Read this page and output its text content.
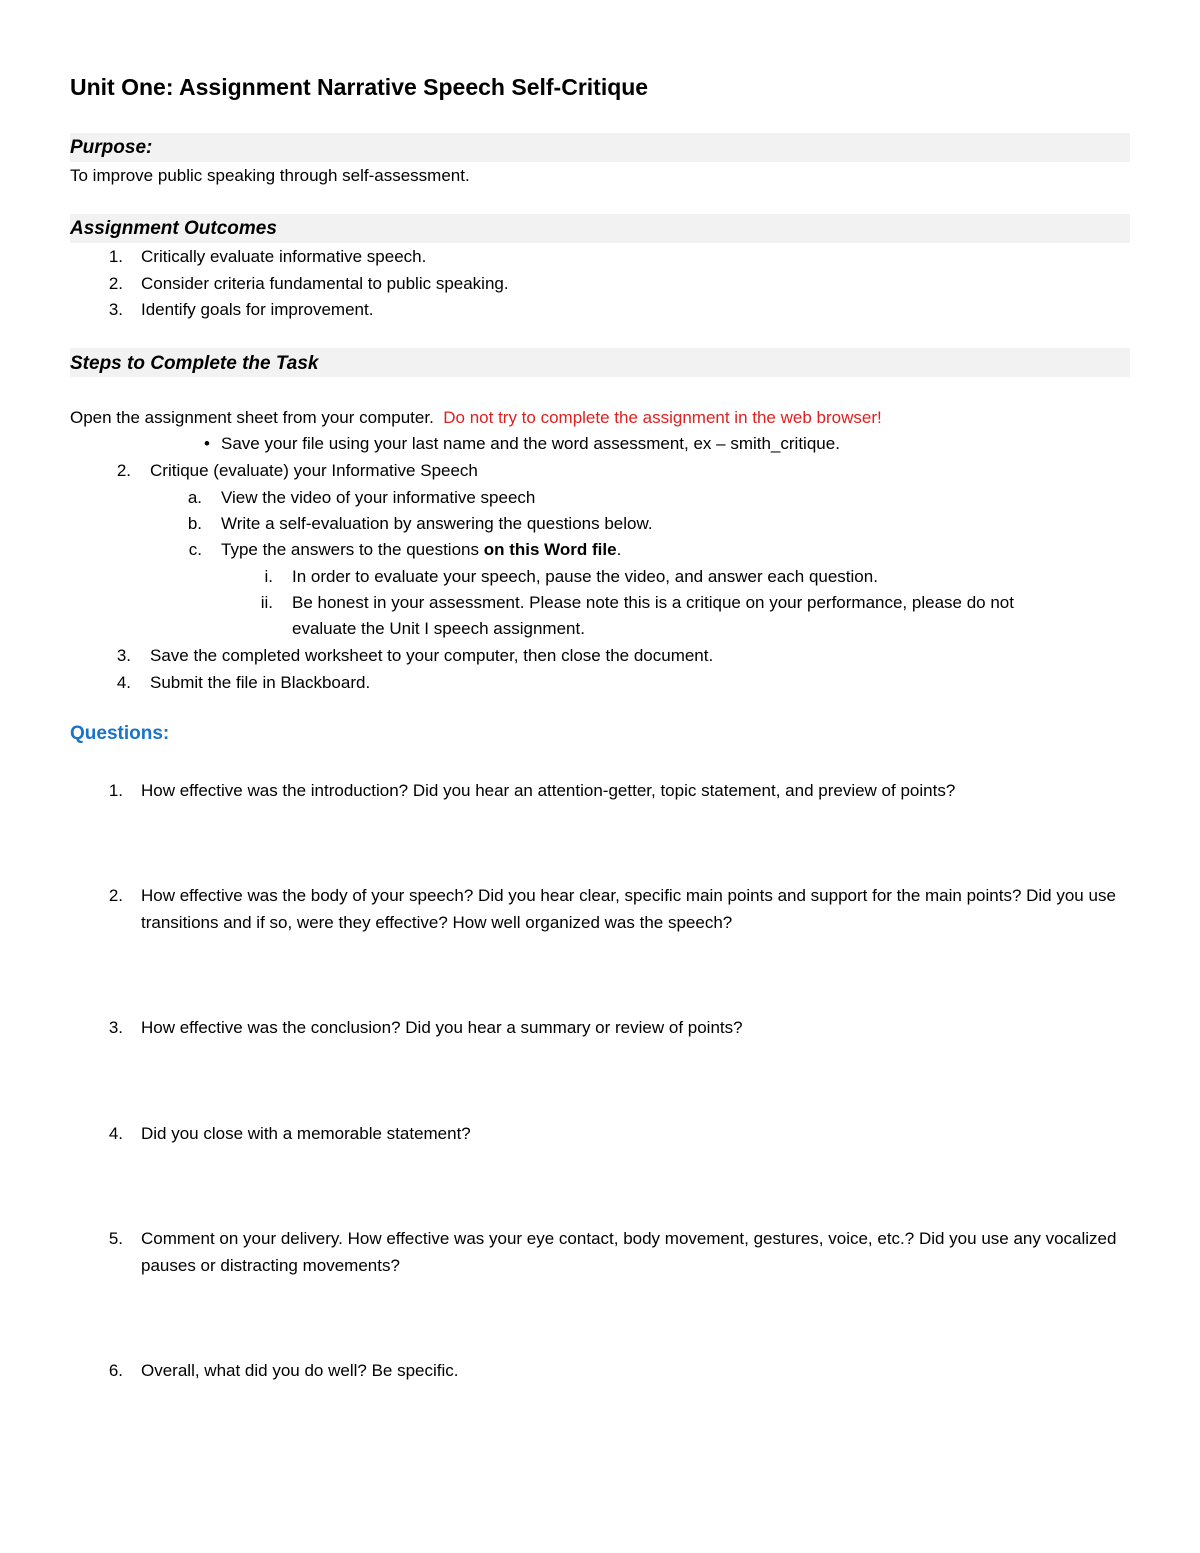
Unit One: Assignment Narrative Speech Self-Critique
Purpose:

To improve public speaking through self-assessment.

Assignment Outcomes
1. Critically evaluate informative speech.
2. Consider criteria fundamental to public speaking.
3. Identify goals for improvement.
Steps to Complete the Task

Open the assignment sheet from your computer. Do not try to complete the assignment in the web browser!

• Save your file using your last name and the word assessment, ex – smith_critique.
2. Critique (evaluate) your Informative Speech
a. View the video of your informative speech
b. Write a self-evaluation by answering the questions below.
c. Type the answers to the questions on this Word file.
i. In order to evaluate your speech, pause the video, and answer each question.
ii. Be honest in your assessment. Please note this is a critique on your performance, please do not
evaluate the Unit I speech assignment.
3. Save the completed worksheet to your computer, then close the document.
4. Submit the file in Blackboard.
Questions:
1. How effective was the introduction? Did you hear an attention-getter, topic statement, and preview of points?
2. How effective was the body of your speech? Did you hear clear, specific main points and support for the main points? Did you use transitions and if so, were they effective? How well organized was the speech?
3. How effective was the conclusion? Did you hear a summary or review of points?
4. Did you close with a memorable statement?
5. Comment on your delivery. How effective was your eye contact, body movement, gestures, voice, etc.? Did you use any vocalized pauses or distracting movements?
6. Overall, what did you do well? Be specific.
